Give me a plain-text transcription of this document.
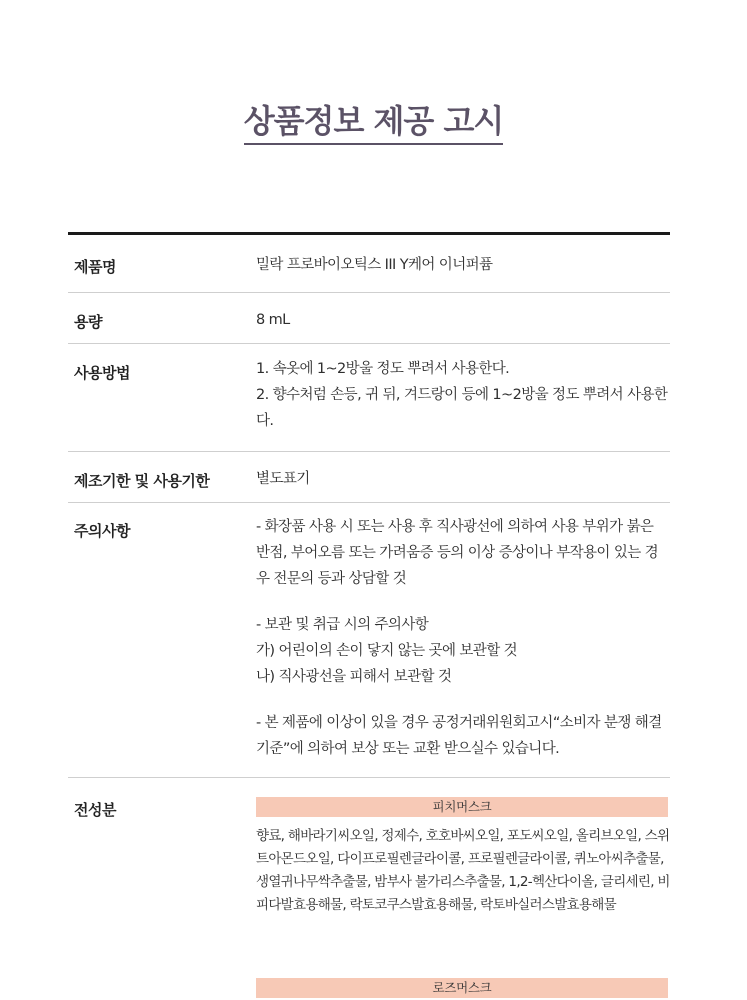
상품정보 제공 고시
제품명	밀락 프로바이오틱스 III Y케어 이너퍼퓸
용량	8 mL
사용방법	1. 속옷에 1~2방울 정도 뿌려서 사용한다.

2. 향수처럼 손등, 귀 뒤, 겨드랑이 등에 1~2방울 정도 뿌려서 사용한다.

제조기한 및 사용기한	별도표기
주의사항	- 화장품 사용 시 또는 사용 후 직사광선에 의하여 사용 부위가 붉은 반점, 부어오름 또는 가려움증 등의 이상 증상이나 부작용이 있는 경우 전문의 등과 상담할 것

- 보관 및 취급 시의 주의사항

가) 어린이의 손이 닿지 않는 곳에 보관할 것

나) 직사광선을 피해서 보관할 것

- 본 제품에 이상이 있을 경우 공정거래위원회고시“소비자 분쟁 해결기준”에 의하여 보상 또는 교환 받으실수 있습니다.

전성분	피치머스크
향료, 해바라기씨오일, 정제수, 호호바씨오일, 포도씨오일, 올리브오일, 스위트아몬드오일, 다이프로필렌글라이콜, 프로필렌글라이콜, 퀴노아씨추출물, 생열귀나무싹추출물, 밤부사 불가리스추출물, 1,2-헥산다이올, 글리세린, 비피다발효용해물, 락토코쿠스발효용해물, 락토바실러스발효용해물
로즈머스크
